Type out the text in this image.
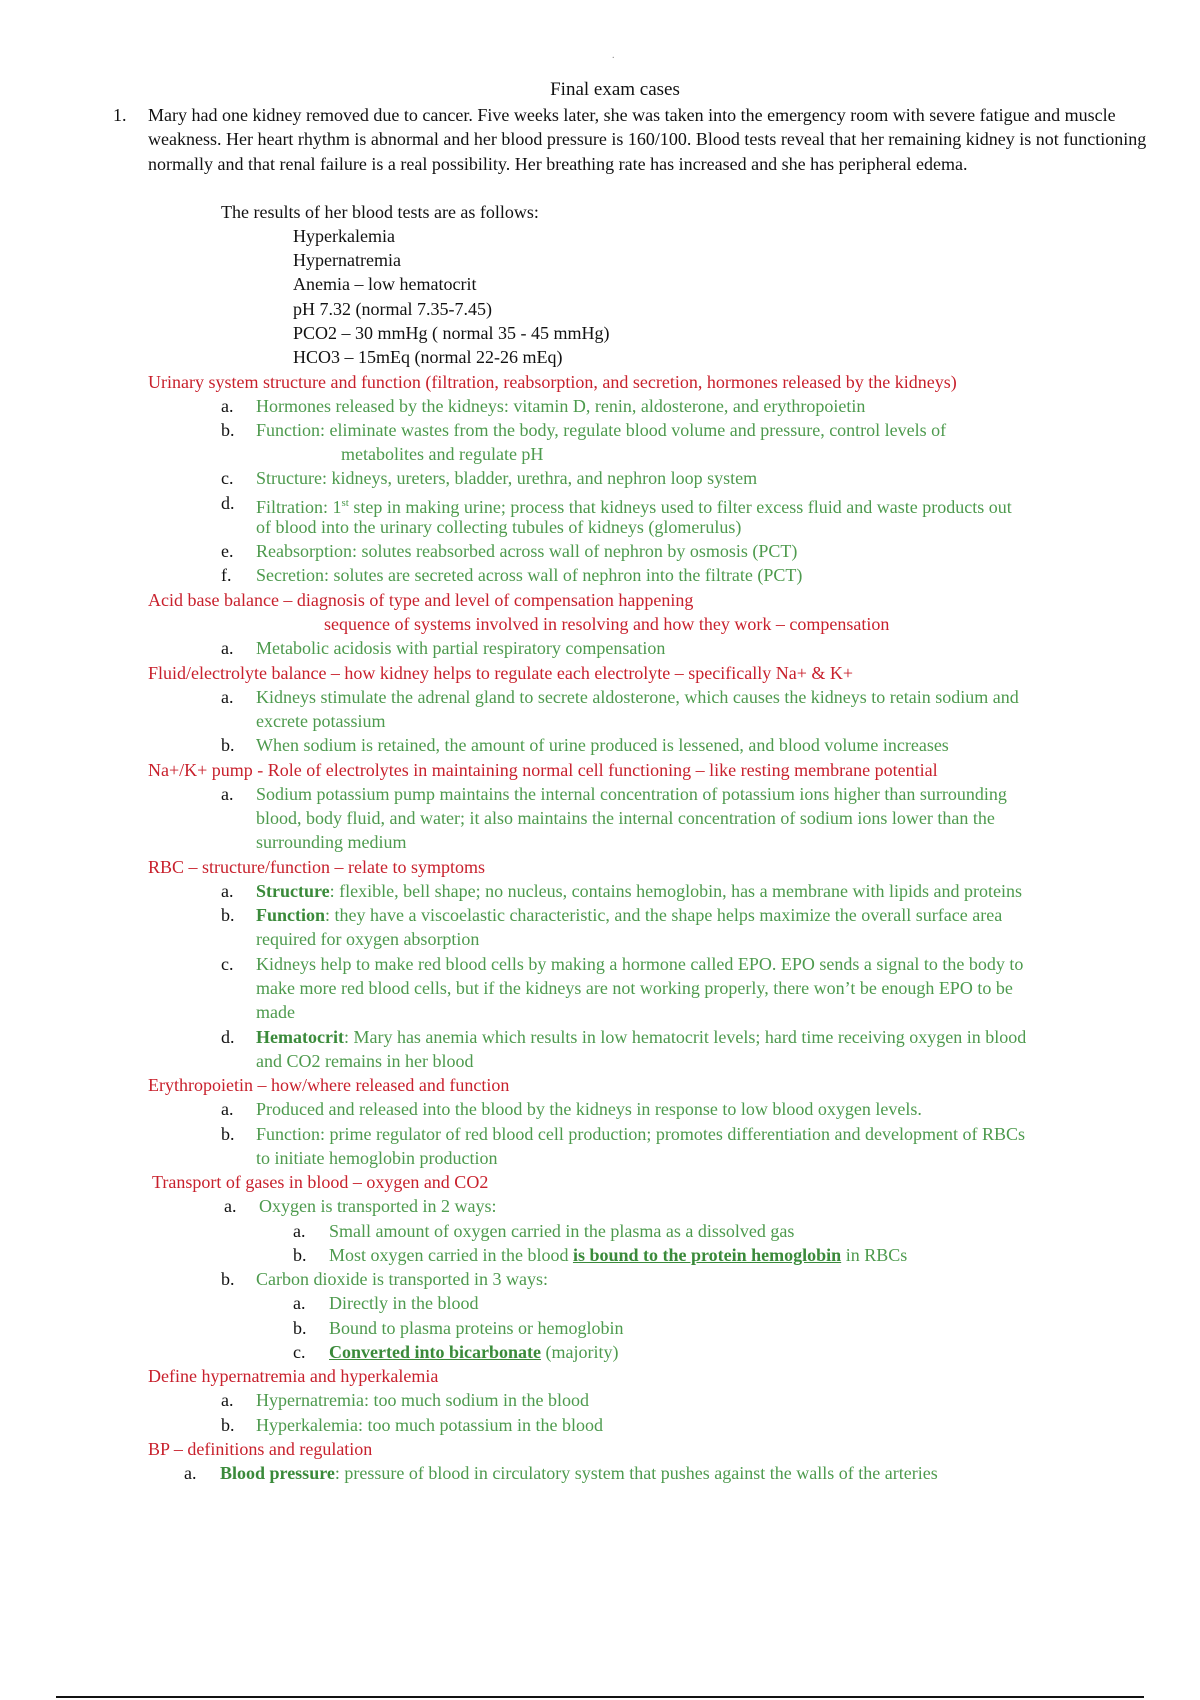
.
Final exam cases
1. Mary had one kidney removed due to cancer. Five weeks later, she was taken into the emergency room with severe fatigue and muscle weakness. Her heart rhythm is abnormal and her blood pressure is 160/100. Blood tests reveal that her remaining kidney is not functioning normally and that renal failure is a real possibility. Her breathing rate has increased and she has peripheral edema.
The results of her blood tests are as follows:
Hyperkalemia
Hypernatremia
Anemia – low hematocrit
pH 7.32 (normal 7.35-7.45)
PCO2 – 30 mmHg ( normal 35 - 45 mmHg)
HCO3 – 15mEq (normal 22-26 mEq)
Urinary system structure and function (filtration, reabsorption, and secretion, hormones released by the kidneys)
a. Hormones released by the kidneys: vitamin D, renin, aldosterone, and erythropoietin
b. Function: eliminate wastes from the body, regulate blood volume and pressure, control levels of
metabolites and regulate pH
c. Structure: kidneys, ureters, bladder, urethra, and nephron loop system
d. Filtration: 1st step in making urine; process that kidneys used to filter excess fluid and waste products out
of blood into the urinary collecting tubules of kidneys (glomerulus)
e. Reabsorption: solutes reabsorbed across wall of nephron by osmosis (PCT)
f. Secretion: solutes are secreted across wall of nephron into the filtrate (PCT)
Acid base balance – diagnosis of type and level of compensation happening
sequence of systems involved in resolving and how they work – compensation
a. Metabolic acidosis with partial respiratory compensation
Fluid/electrolyte balance – how kidney helps to regulate each electrolyte – specifically Na+ & K+
a. Kidneys stimulate the adrenal gland to secrete aldosterone, which causes the kidneys to retain sodium and
excrete potassium
b. When sodium is retained, the amount of urine produced is lessened, and blood volume increases
Na+/K+ pump - Role of electrolytes in maintaining normal cell functioning – like resting membrane potential
a. Sodium potassium pump maintains the internal concentration of potassium ions higher than surrounding
blood, body fluid, and water; it also maintains the internal concentration of sodium ions lower than the
surrounding medium
RBC – structure/function – relate to symptoms
a. Structure: flexible, bell shape; no nucleus, contains hemoglobin, has a membrane with lipids and proteins
b. Function: they have a viscoelastic characteristic, and the shape helps maximize the overall surface area
required for oxygen absorption
c. Kidneys help to make red blood cells by making a hormone called EPO. EPO sends a signal to the body to
make more red blood cells, but if the kidneys are not working properly, there won’t be enough EPO to be
made
d. Hematocrit: Mary has anemia which results in low hematocrit levels; hard time receiving oxygen in blood
and CO2 remains in her blood
Erythropoietin – how/where released and function
a. Produced and released into the blood by the kidneys in response to low blood oxygen levels.
b. Function: prime regulator of red blood cell production; promotes differentiation and development of RBCs
to initiate hemoglobin production
Transport of gases in blood – oxygen and CO2
a. Oxygen is transported in 2 ways:
a. Small amount of oxygen carried in the plasma as a dissolved gas
b. Most oxygen carried in the blood is bound to the protein hemoglobin in RBCs
b. Carbon dioxide is transported in 3 ways:
a. Directly in the blood
b. Bound to plasma proteins or hemoglobin
c. Converted into bicarbonate (majority)
Define hypernatremia and hyperkalemia
a. Hypernatremia: too much sodium in the blood
b. Hyperkalemia: too much potassium in the blood
BP – definitions and regulation
a. Blood pressure: pressure of blood in circulatory system that pushes against the walls of the arteries
